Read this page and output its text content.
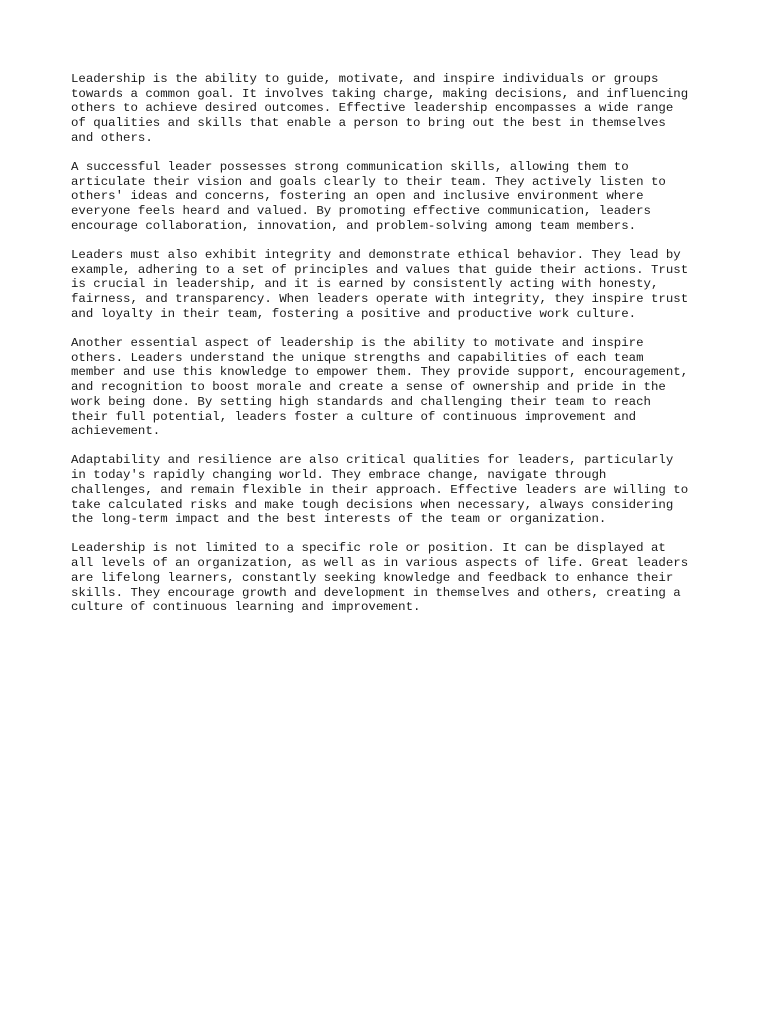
Leadership is the ability to guide, motivate, and inspire individuals or groups
towards a common goal. It involves taking charge, making decisions, and influencing
others to achieve desired outcomes. Effective leadership encompasses a wide range
of qualities and skills that enable a person to bring out the best in themselves
and others.

A successful leader possesses strong communication skills, allowing them to
articulate their vision and goals clearly to their team. They actively listen to
others' ideas and concerns, fostering an open and inclusive environment where
everyone feels heard and valued. By promoting effective communication, leaders
encourage collaboration, innovation, and problem-solving among team members.

Leaders must also exhibit integrity and demonstrate ethical behavior. They lead by
example, adhering to a set of principles and values that guide their actions. Trust
is crucial in leadership, and it is earned by consistently acting with honesty,
fairness, and transparency. When leaders operate with integrity, they inspire trust
and loyalty in their team, fostering a positive and productive work culture.

Another essential aspect of leadership is the ability to motivate and inspire
others. Leaders understand the unique strengths and capabilities of each team
member and use this knowledge to empower them. They provide support, encouragement,
and recognition to boost morale and create a sense of ownership and pride in the
work being done. By setting high standards and challenging their team to reach
their full potential, leaders foster a culture of continuous improvement and
achievement.

Adaptability and resilience are also critical qualities for leaders, particularly
in today's rapidly changing world. They embrace change, navigate through
challenges, and remain flexible in their approach. Effective leaders are willing to
take calculated risks and make tough decisions when necessary, always considering
the long-term impact and the best interests of the team or organization.

Leadership is not limited to a specific role or position. It can be displayed at
all levels of an organization, as well as in various aspects of life. Great leaders
are lifelong learners, constantly seeking knowledge and feedback to enhance their
skills. They encourage growth and development in themselves and others, creating a
culture of continuous learning and improvement.
